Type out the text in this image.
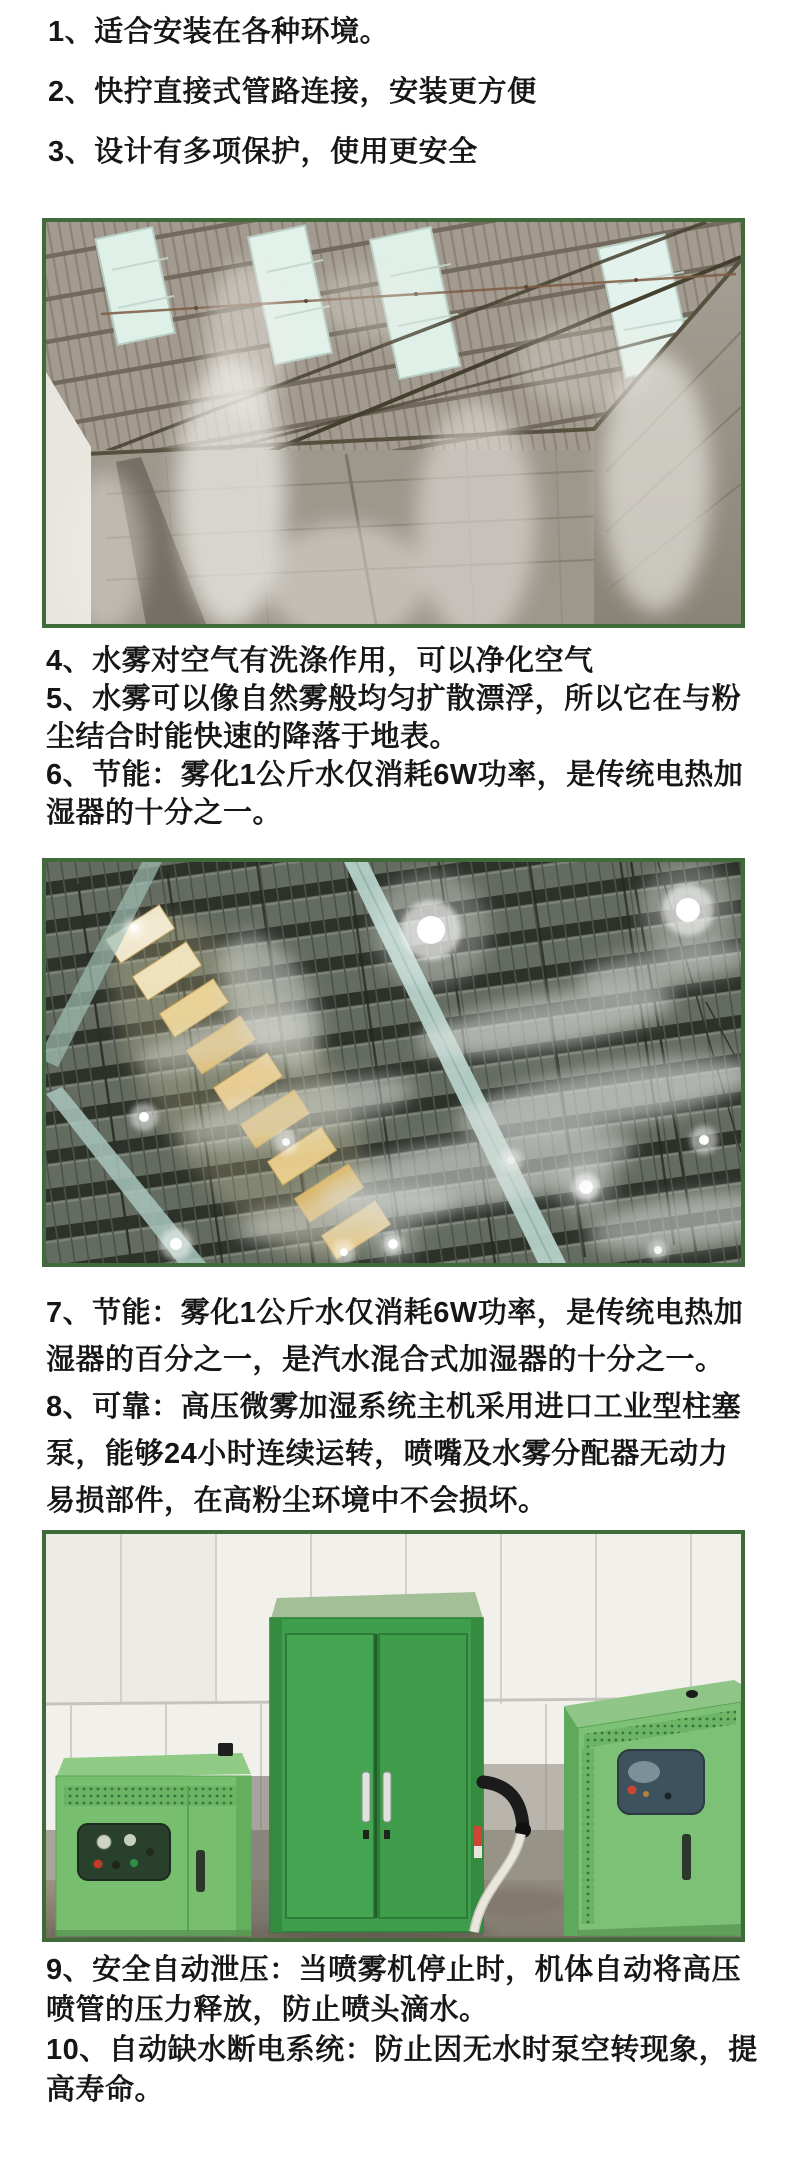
1、适合安装在各种环境。
2、快拧直接式管路连接，安装更方便
3、设计有多项保护，使用更安全
4、水雾对空气有洗涤作用，可以净化空气
5、水雾可以像自然雾般均匀扩散漂浮，所以它在与粉
尘结合时能快速的降落于地表。
6、节能：雾化1公斤水仅消耗6W功率，是传统电热加
湿器的十分之一。
7、节能：雾化1公斤水仅消耗6W功率，是传统电热加
湿器的百分之一，是汽水混合式加湿器的十分之一。
8、可靠：高压微雾加湿系统主机采用进口工业型柱塞
泵，能够24小时连续运转，喷嘴及水雾分配器无动力
易损部件，在高粉尘环境中不会损坏。
9、安全自动泄压：当喷雾机停止时，机体自动将高压
喷管的压力释放，防止喷头滴水。
10、自动缺水断电系统：防止因无水时泵空转现象，提
高寿命。
